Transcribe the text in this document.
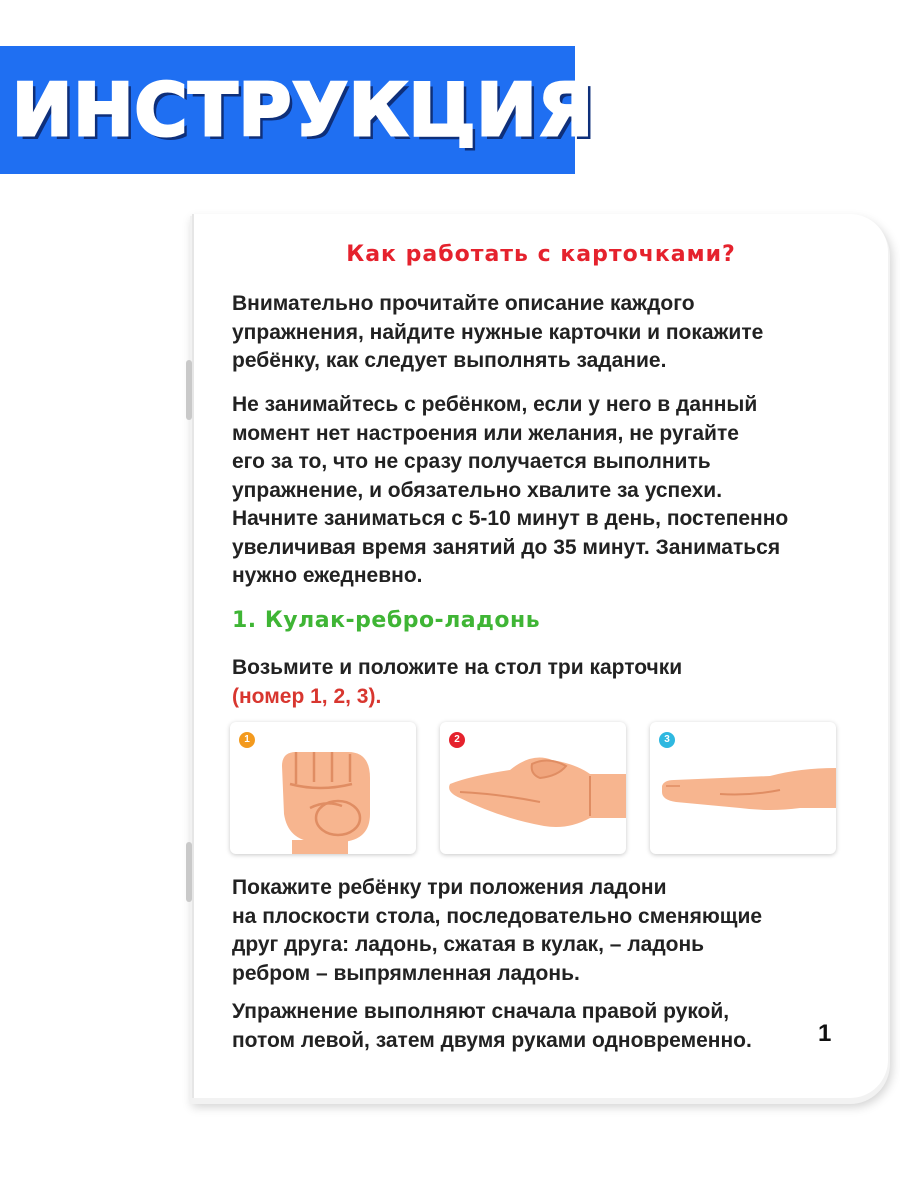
ИНСТРУКЦИЯ
Как работать с карточками?
Внимательно прочитайте описание каждого
упражнения, найдите нужные карточки и покажите
ребёнку, как следует выполнять задание.
Не занимайтесь с ребёнком, если у него в данный
момент нет настроения или желания, не ругайте
его за то, что не сразу получается выполнить
упражнение, и обязательно хвалите за успехи.
Начните заниматься с 5-10 минут в день, постепенно
увеличивая время занятий до 35 минут. Заниматься
нужно ежедневно.
1. Кулак-ребро-ладонь
Возьмите и положите на стол три карточки
(номер 1, 2, 3).
1	2	3
Покажите ребёнку три положения ладони
на плоскости стола, последовательно сменяющие
друг друга: ладонь, сжатая в кулак, – ладонь
ребром – выпрямленная ладонь.
Упражнение выполняют сначала правой рукой,
потом левой, затем двумя руками одновременно.	1
